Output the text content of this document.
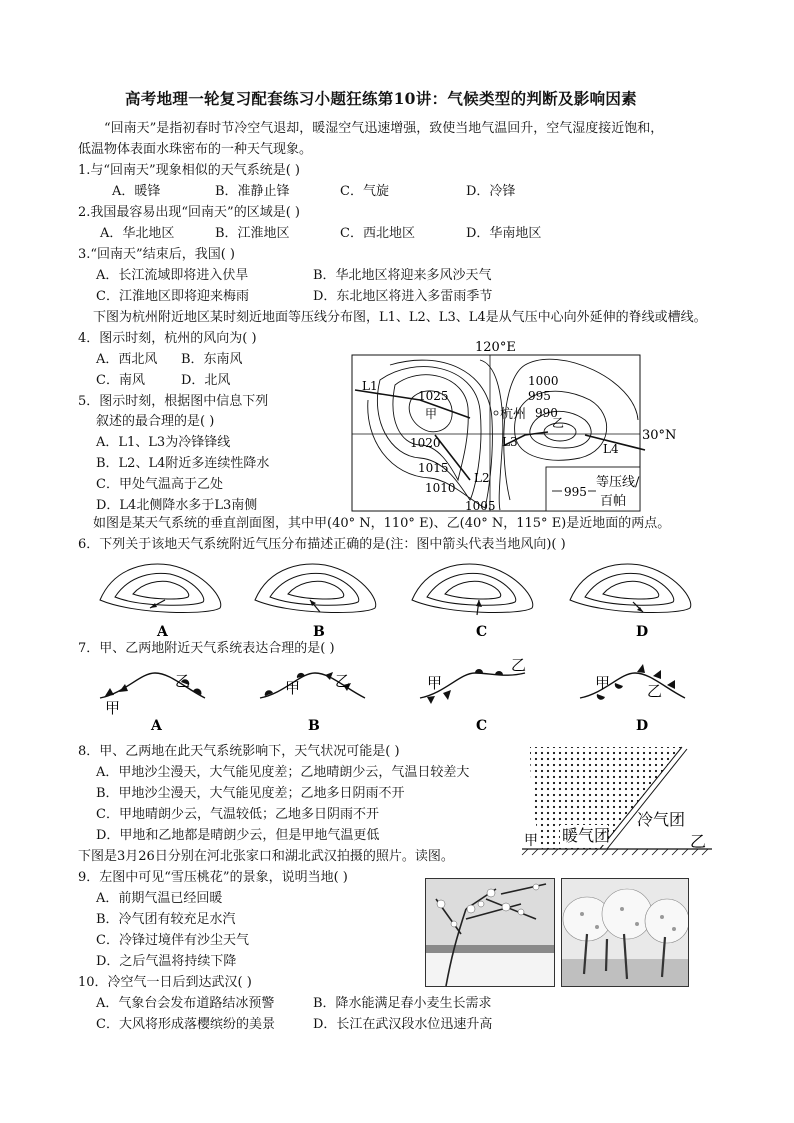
高考地理一轮复习配套练习小题狂练第10讲：气候类型的判断及影响因素
“回南天”是指初春时节冷空气退却，暖湿空气迅速增强，致使当地气温回升，空气湿度接近饱和，
低温物体表面水珠密布的一种天气现象。
1.与“回南天”现象相似的天气系统是( )
A．暖锋	B．准静止锋	C．气旋	D．冷锋
2.我国最容易出现“回南天”的区域是( )
A．华北地区	B．江淮地区	C．西北地区	D．华南地区
3.“回南天”结束后，我国( )
A．长江流域即将进入伏旱	B．华北地区将迎来多风沙天气
C．江淮地区即将迎来梅雨	D．东北地区将进入多雷雨季节
下图为杭州附近地区某时刻近地面等压线分布图，L1、L2、L3、L4是从气压中心向外延伸的脊线或槽线。
4．图示时刻，杭州的风向为( )
A．西北风 B．东南风
C．南风	D．北风
5．图示时刻，根据图中信息下列
叙述的最合理的是( )
A．L1、L3为冷锋锋线
B．L2、L4附近多连续性降水
C．甲处气温高于乙处
D．L4北侧降水多于L3南侧
120°E
30°N
995
等压线/
百帕
1025
1020
1015
1010
1005
1000
995
990
L1
L2
L3	L4
甲
乙
杭州
如图是某天气系统的垂直剖面图，其中甲(40° N，110° E)、乙(40° N，115° E)是近地面的两点。
6．下列关于该地天气系统附近气压分布描述正确的是(注：图中箭头代表当地风向)( )
A	B	C	D
7．甲、乙两地附近天气系统表达合理的是( )
甲
乙	甲 乙	甲
乙
甲 乙
A	B	C	D
8．甲、乙两地在此天气系统影响下，天气状况可能是( )
A．甲地沙尘漫天，大气能见度差；乙地晴朗少云，气温日较差大
B．甲地沙尘漫天，大气能见度差；乙地多日阴雨不开
C．甲地晴朗少云，气温较低；乙地多日阴雨不开
D．甲地和乙地都是晴朗少云，但是甲地气温更低	暖气团
冷气团
甲	乙
下图是3月26日分别在河北张家口和湖北武汉拍摄的照片。读图。
9．左图中可见“雪压桃花”的景象，说明当地( )
A．前期气温已经回暖
B．冷气团有较充足水汽
C．冷锋过境伴有沙尘天气
D．之后气温将持续下降
10．冷空气一日后到达武汉( )
A．气象台会发布道路结冰预警	B．降水能满足春小麦生长需求
C．大风将形成落樱缤纷的美景	D．长江在武汉段水位迅速升高
